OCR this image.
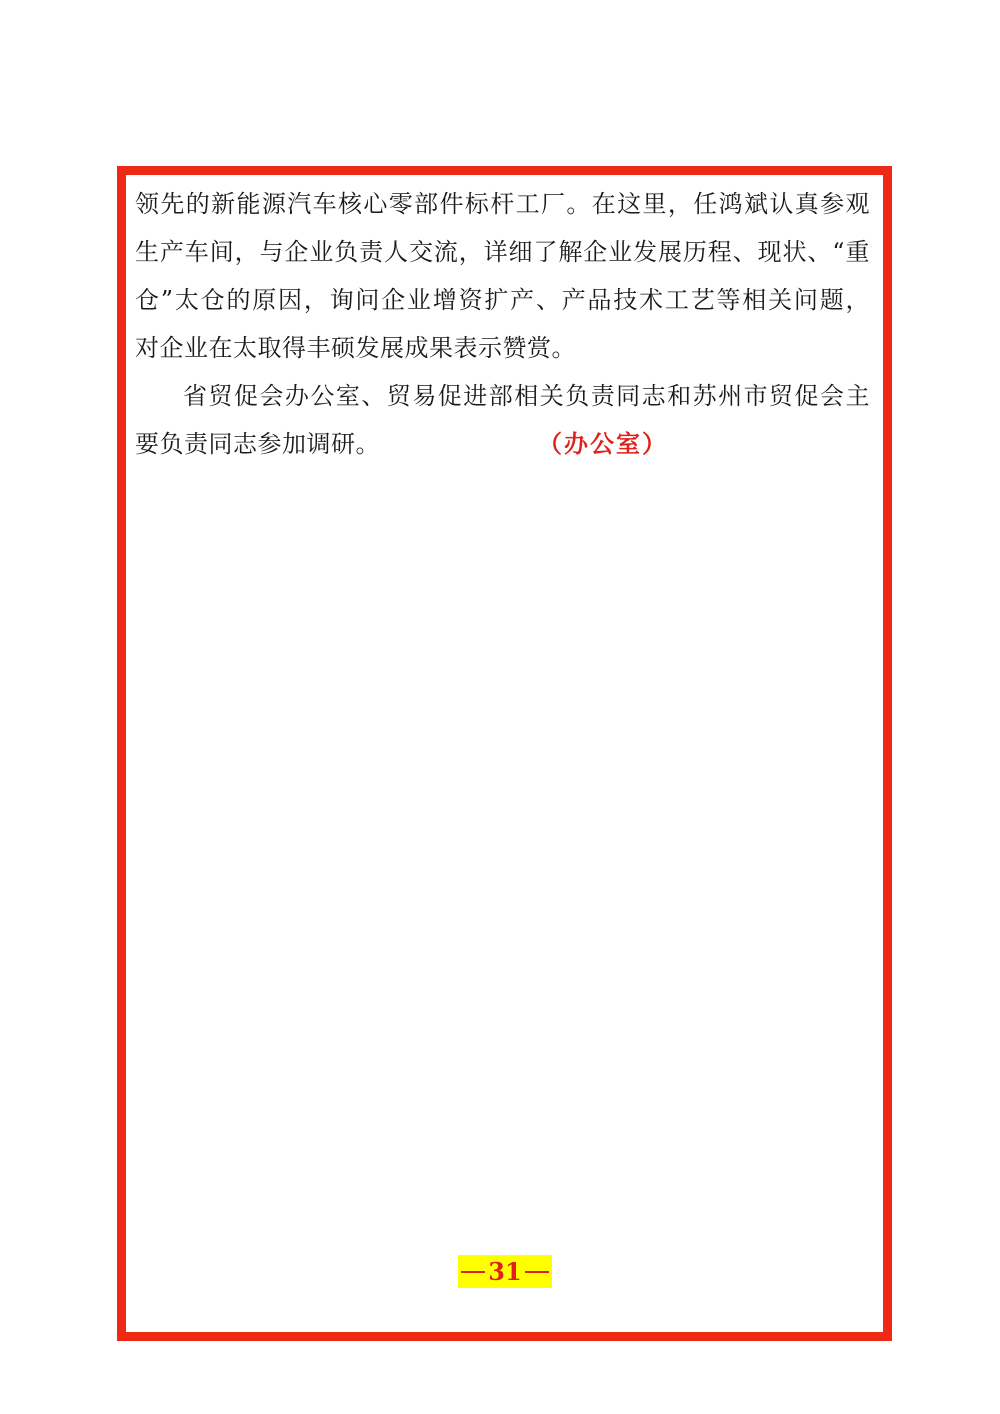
领先的新能源汽车核心零部件标杆工厂。在这里，任鸿斌认真参观
生产车间，与企业负责人交流，详细了解企业发展历程、现状、“重
仓”太仓的原因，询问企业增资扩产、产品技术工艺等相关问题，
对企业在太取得丰硕发展成果表示赞赏。
省贸促会办公室、贸易促进部相关负责同志和苏州市贸促会主
要负责同志参加调研。	（办公室）
31
